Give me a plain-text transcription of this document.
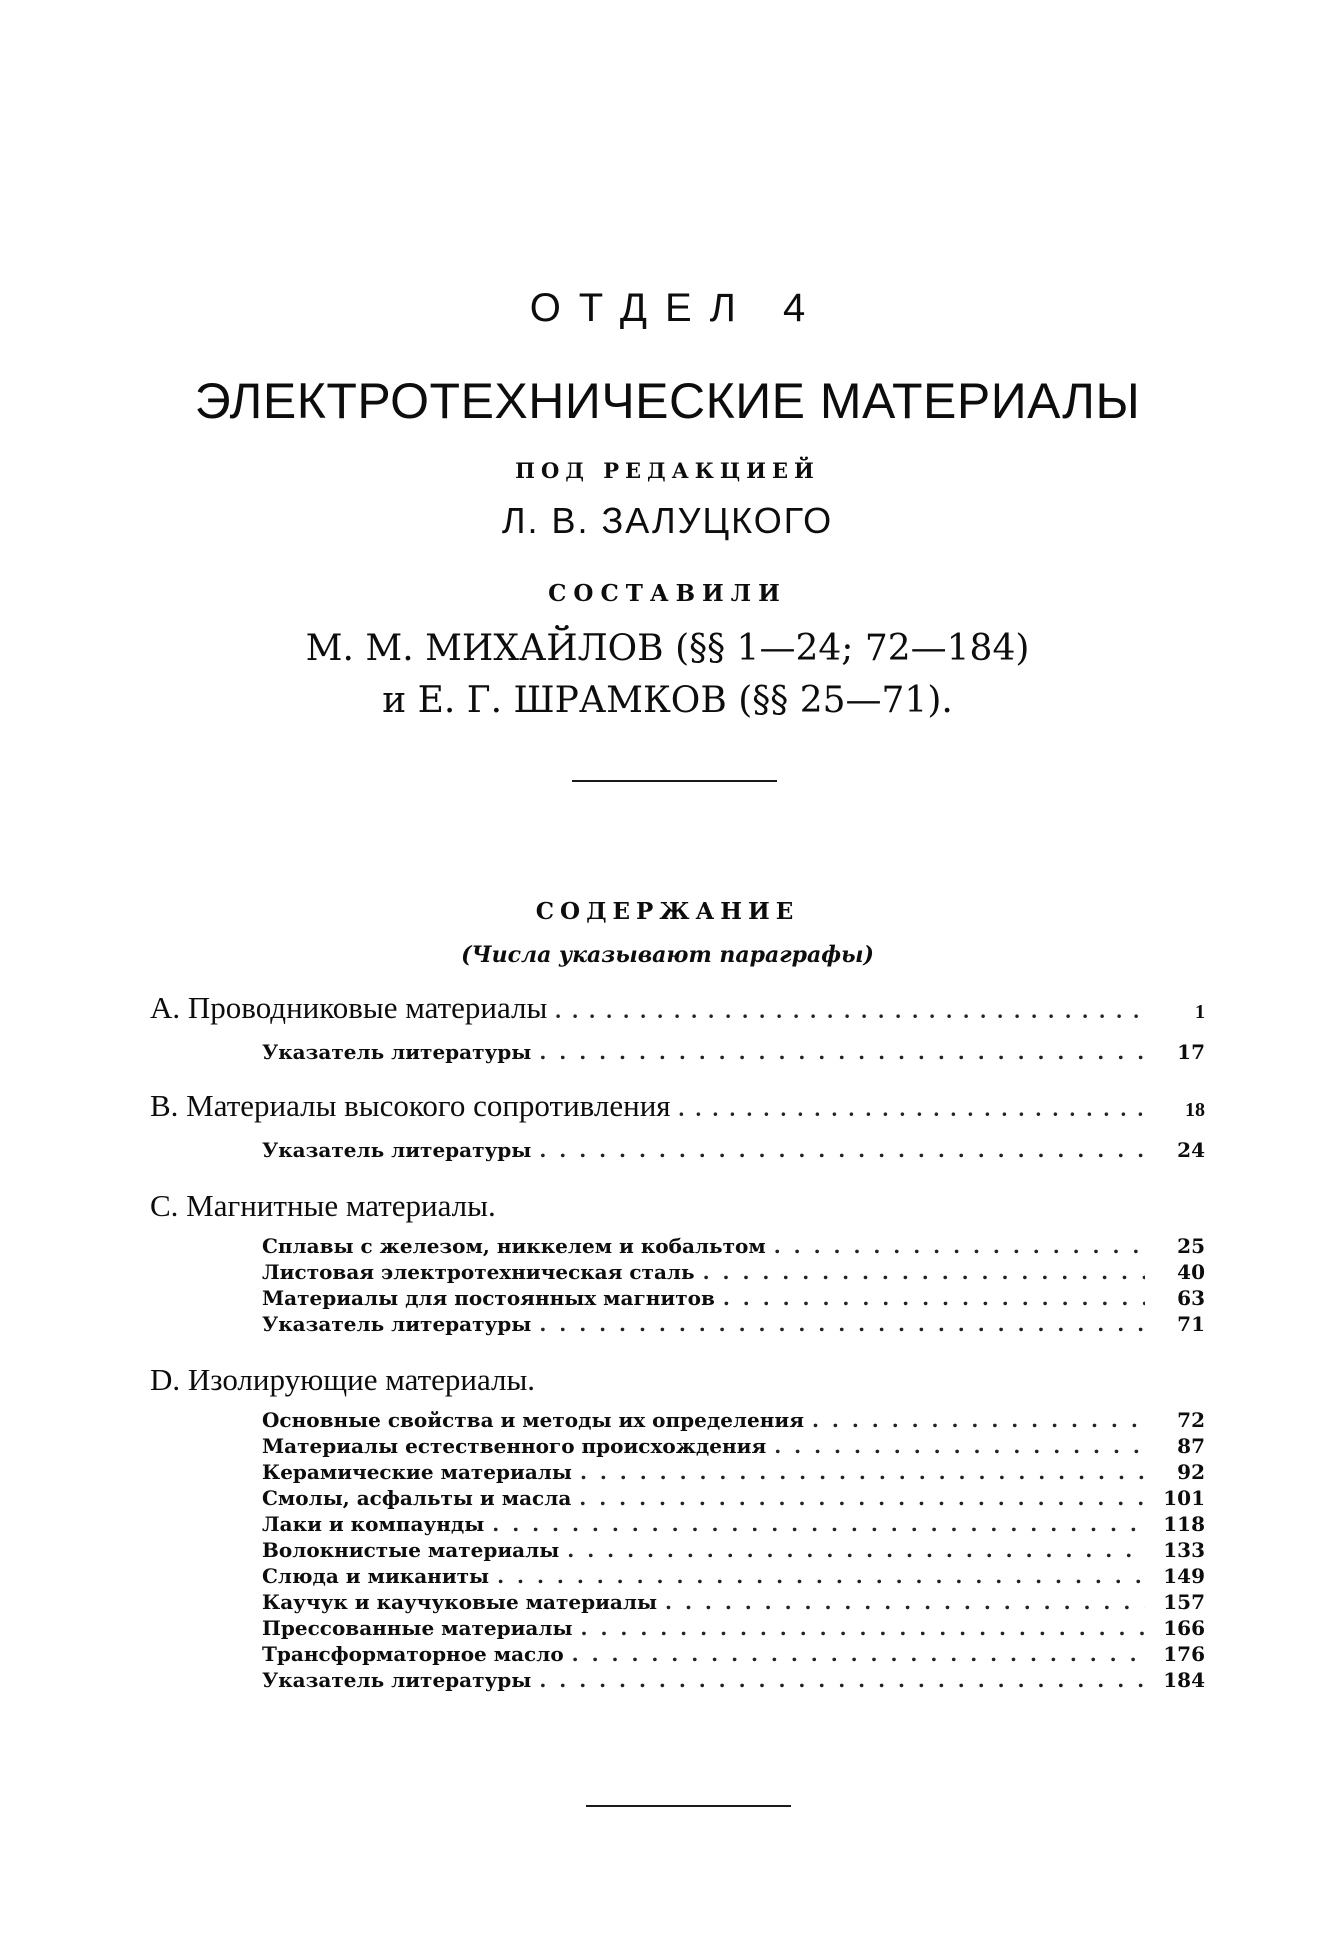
ОТДЕЛ 4
ЭЛЕКТРОТЕХНИЧЕСКИЕ МАТЕРИАЛЫ
ПОД РЕДАКЦИЕЙ
Л. В. ЗАЛУЦКОГО
СОСТАВИЛИ
М. М. МИХАЙЛОВ (§§ 1—24; 72—184)
и Е. Г. ШРАМКОВ (§§ 25—71).
СОДЕРЖАНИЕ
(Числа указывают параграфы)
A. Проводниковые материалы . . .	1
Указатель литературы . . .	17
B. Материалы высокого сопротивления . . .	18
Указатель литературы . . .	24
C. Магнитные материалы.
Сплавы с железом, никкелем и кобальтом . . .	25
Листовая электротехническая сталь . . .	40
Материалы для постоянных магнитов . . .	63
Указатель литературы . . .	71
D. Изолирующие материалы.
Основные свойства и методы их определения . . .	72
Материалы естественного происхождения . . .	87
Керамические материалы . . .	92
Смолы, асфальты и масла . . .	101
Лаки и компаунды . . .	118
Волокнистые материалы . . .	133
Слюда и миканиты . . .	149
Каучук и каучуковые материалы . . .	157
Прессованные материалы . . .	166
Трансформаторное масло . . .	176
Указатель литературы . . .	184
